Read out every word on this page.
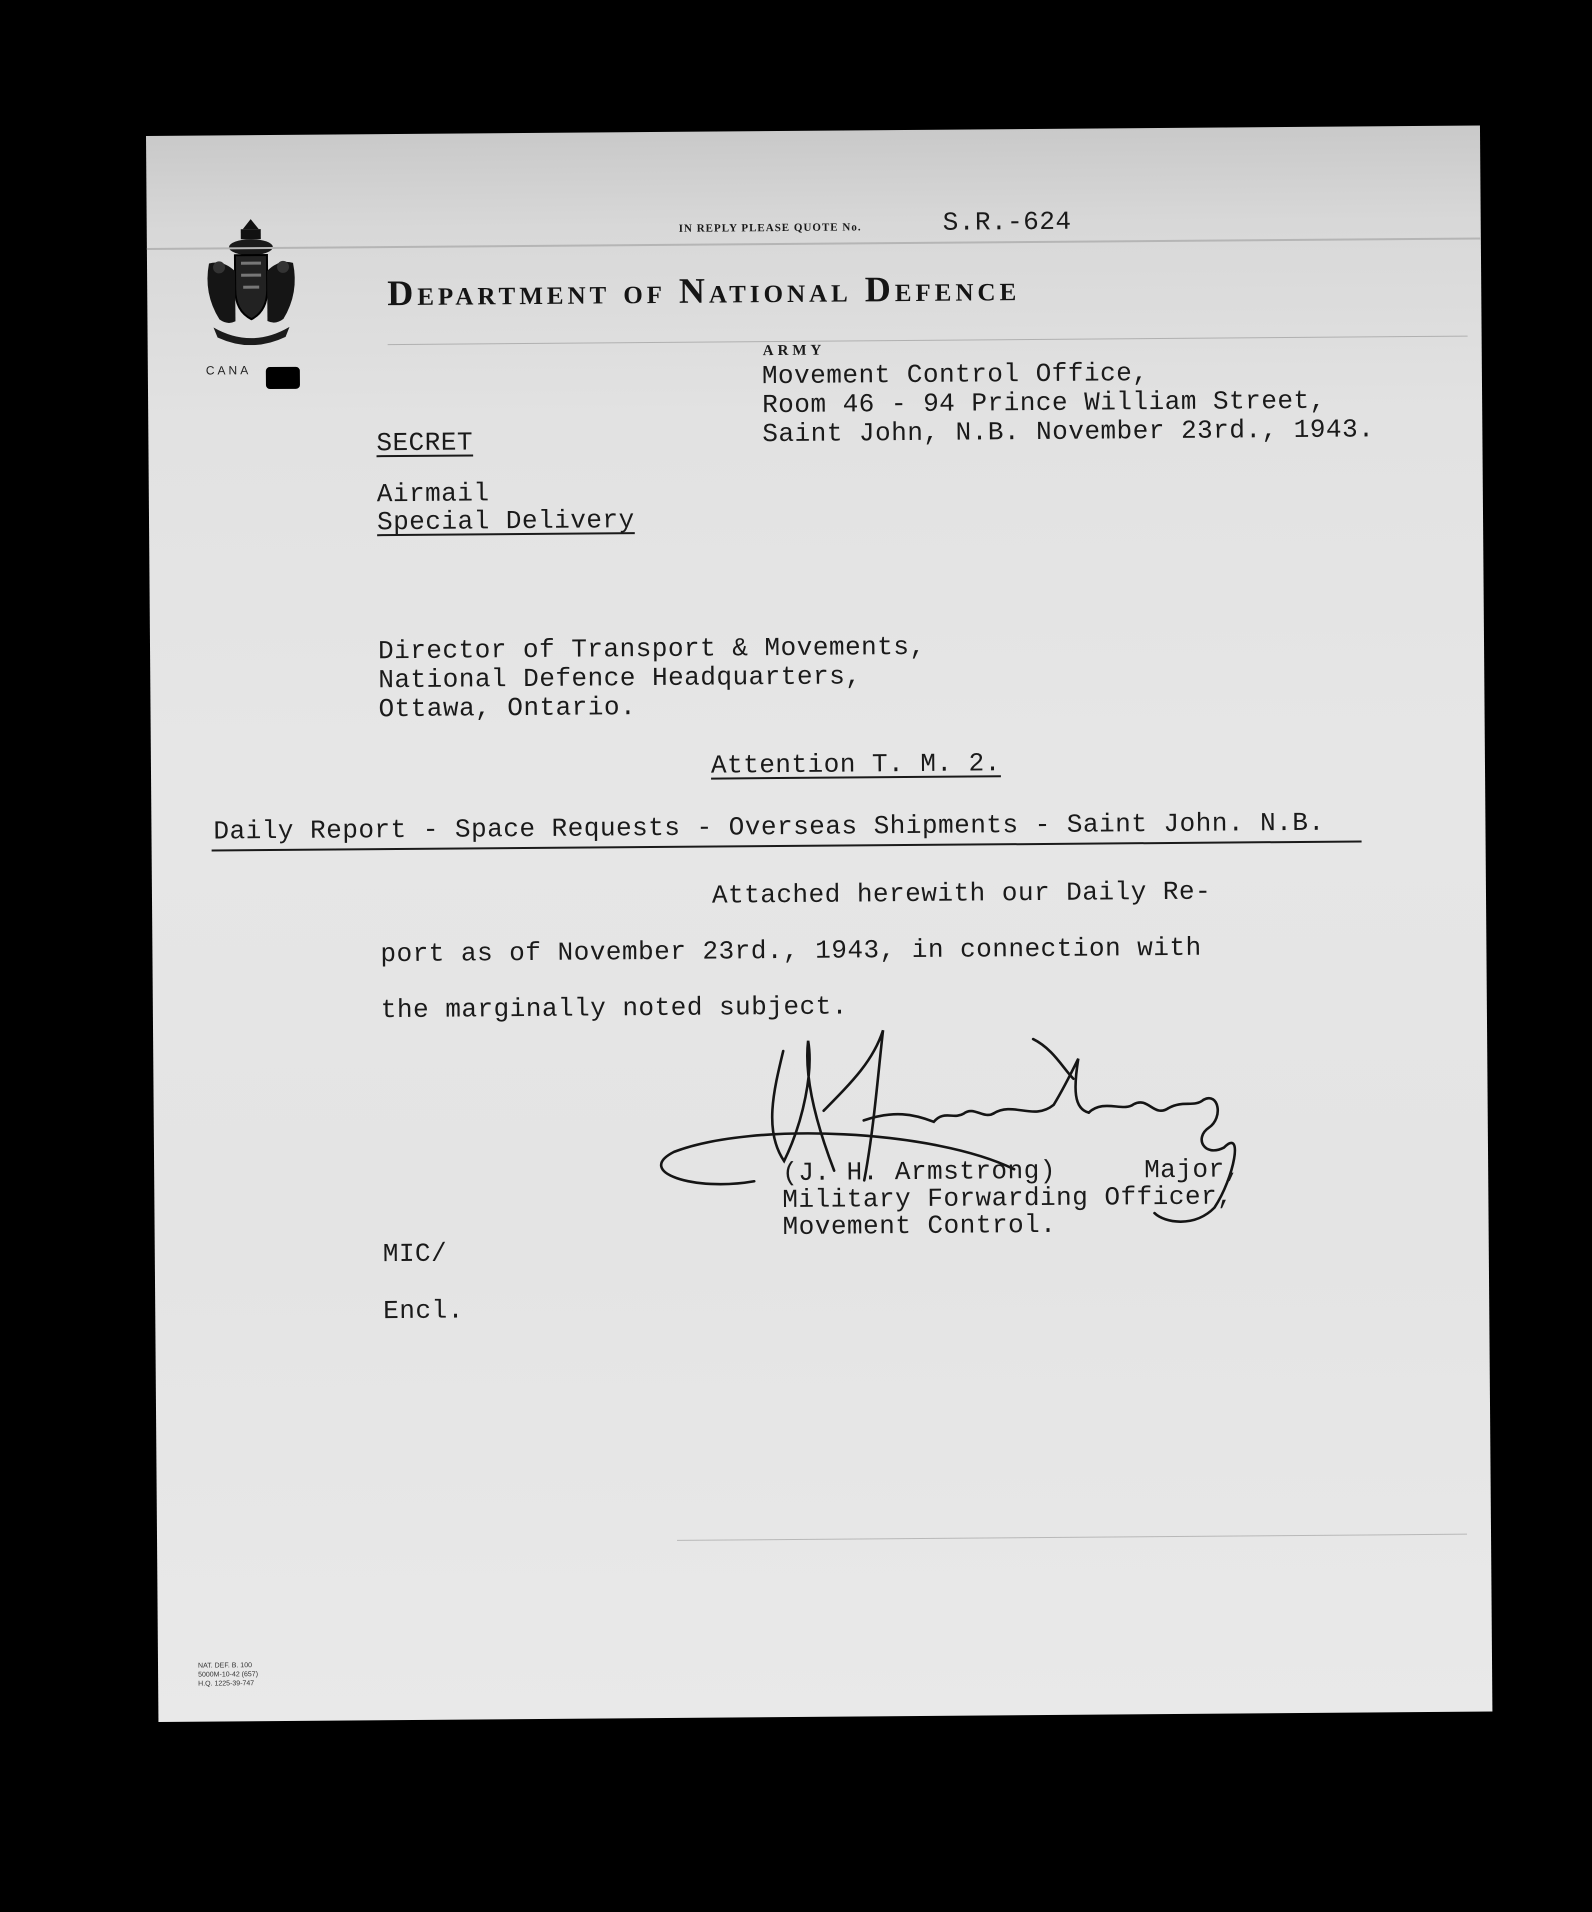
CANA
IN REPLY PLEASE QUOTE No.	S.R.-624
Department of National Defence
ARMY
Movement Control Office,
Room 46 - 94 Prince William Street,
Saint John, N.B. November 23rd., 1943.
SECRET
Airmail
Special Delivery
Director of Transport & Movements,
National Defence Headquarters,
Ottawa, Ontario.
Attention T. M. 2.
Daily Report - Space Requests - Overseas Shipments - Saint John. N.B.
Attached herewith our Daily Re-
port as of November 23rd., 1943, in connection with
the marginally noted subject.
(J. H. Armstrong)	Major,
Military Forwarding Officer,
Movement Control.
MIC/
Encl.
NAT. DEF. B. 100
5000M-10-42 (657)
H.Q. 1225-39-747
